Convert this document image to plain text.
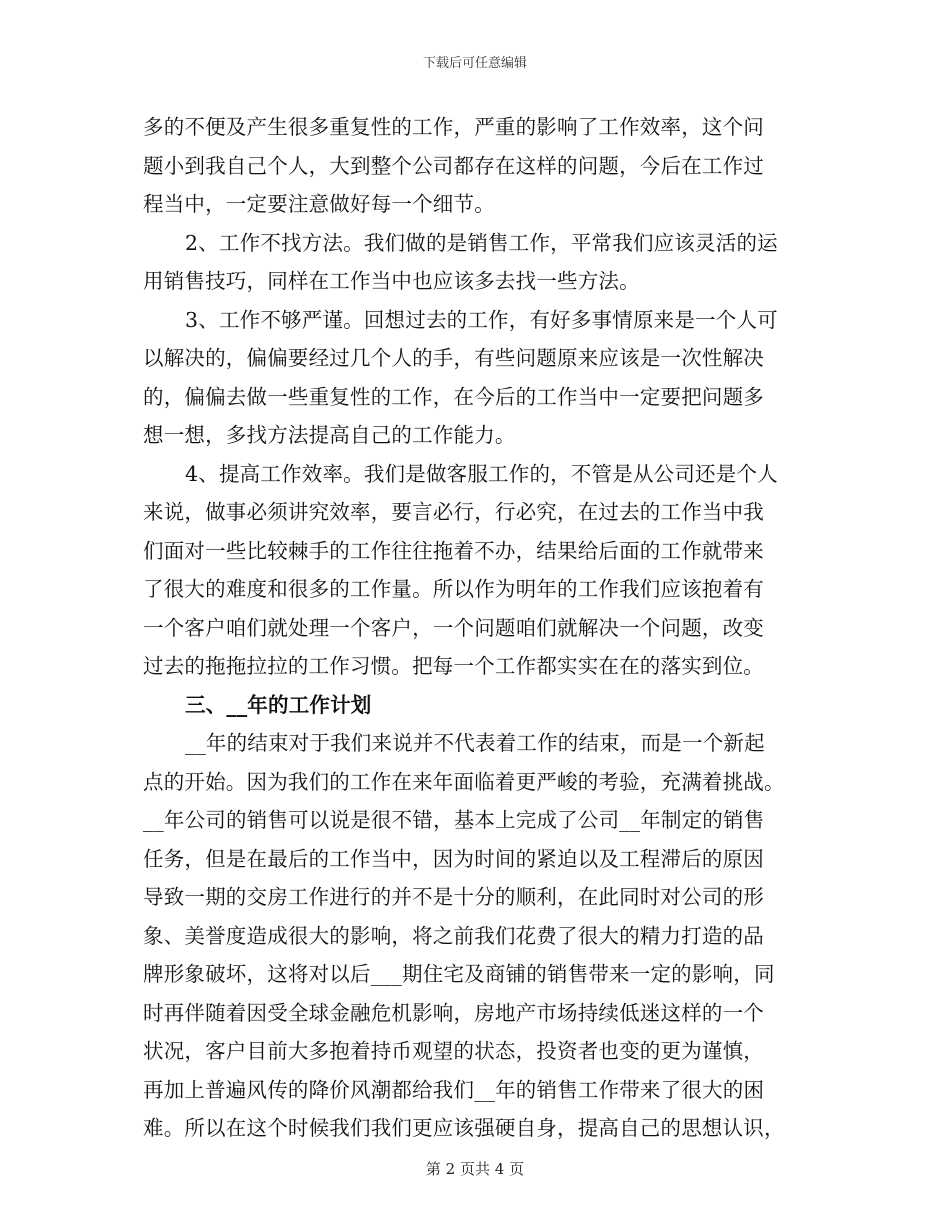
下载后可任意编辑
多的不便及产生很多重复性的工作，严重的影响了工作效率，这个问
题小到我自己个人，大到整个公司都存在这样的问题，今后在工作过
程当中，一定要注意做好每一个细节。
2、工作不找方法。我们做的是销售工作，平常我们应该灵活的运
用销售技巧，同样在工作当中也应该多去找一些方法。
3、工作不够严谨。回想过去的工作，有好多事情原来是一个人可
以解决的，偏偏要经过几个人的手，有些问题原来应该是一次性解决
的，偏偏去做一些重复性的工作，在今后的工作当中一定要把问题多
想一想，多找方法提高自己的工作能力。
4、提高工作效率。我们是做客服工作的，不管是从公司还是个人
来说，做事必须讲究效率，要言必行，行必究，在过去的工作当中我
们面对一些比较棘手的工作往往拖着不办，结果给后面的工作就带来
了很大的难度和很多的工作量。所以作为明年的工作我们应该抱着有
一个客户咱们就处理一个客户，一个问题咱们就解决一个问题，改变
过去的拖拖拉拉的工作习惯。把每一个工作都实实在在的落实到位。
三、__年的工作计划
__年的结束对于我们来说并不代表着工作的结束，而是一个新起
点的开始。因为我们的工作在来年面临着更严峻的考验，充满着挑战。
__年公司的销售可以说是很不错，基本上完成了公司__年制定的销售
任务，但是在最后的工作当中，因为时间的紧迫以及工程滞后的原因
导致一期的交房工作进行的并不是十分的顺利，在此同时对公司的形
象、美誉度造成很大的影响，将之前我们花费了很大的精力打造的品
牌形象破坏，这将对以后___期住宅及商铺的销售带来一定的影响，同
时再伴随着因受全球金融危机影响，房地产市场持续低迷这样的一个
状况，客户目前大多抱着持币观望的状态，投资者也变的更为谨慎，
再加上普遍风传的降价风潮都给我们__年的销售工作带来了很大的困
难。所以在这个时候我们我们更应该强硬自身，提高自己的思想认识，
第 2 页共 4 页
